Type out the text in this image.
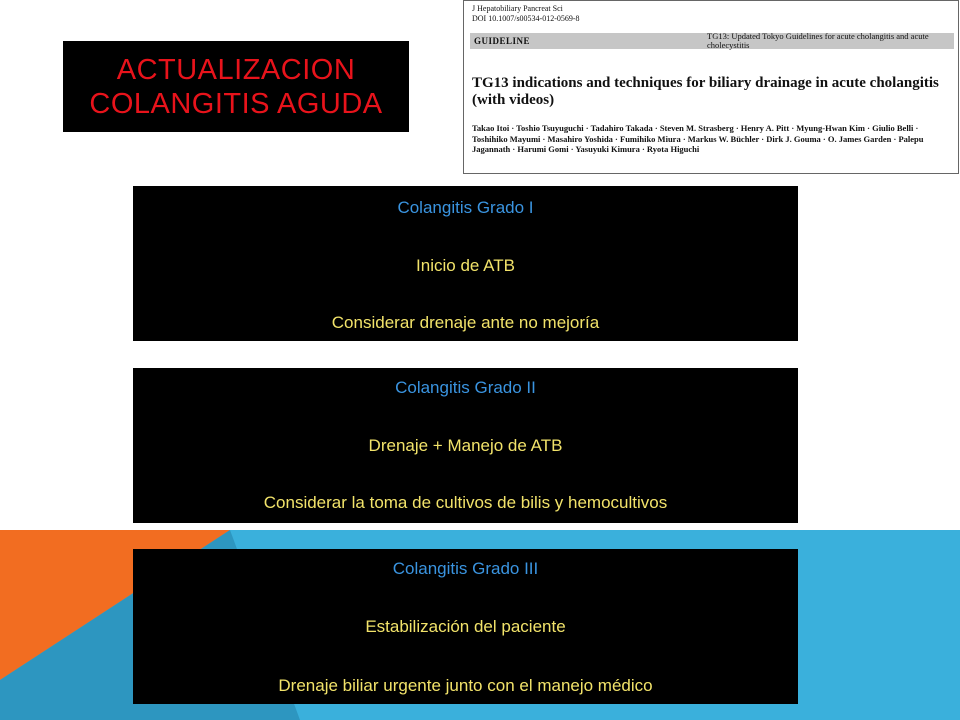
ACTUALIZACION
COLANGITIS AGUDA
J Hepatobiliary Pancreat Sci
DOI 10.1007/s00534-012-0569-8
GUIDELINE	TG13: Updated Tokyo Guidelines for acute cholangitis and acute cholecystitis
TG13 indications and techniques for biliary drainage in acute cholangitis (with videos)
Takao Itoi · Toshio Tsuyuguchi · Tadahiro Takada · Steven M. Strasberg · Henry A. Pitt · Myung-Hwan Kim · Giulio Belli · Toshihiko Mayumi · Masahiro Yoshida · Fumihiko Miura · Markus W. Büchler · Dirk J. Gouma · O. James Garden · Palepu Jagannath · Harumi Gomi · Yasuyuki Kimura · Ryota Higuchi
Colangitis Grado I
Inicio de ATB
Considerar drenaje ante no mejoría
Colangitis Grado II
Drenaje + Manejo de ATB
Considerar la toma de cultivos de bilis y hemocultivos
Colangitis Grado III
Estabilización del paciente
Drenaje biliar urgente junto con el manejo médico
